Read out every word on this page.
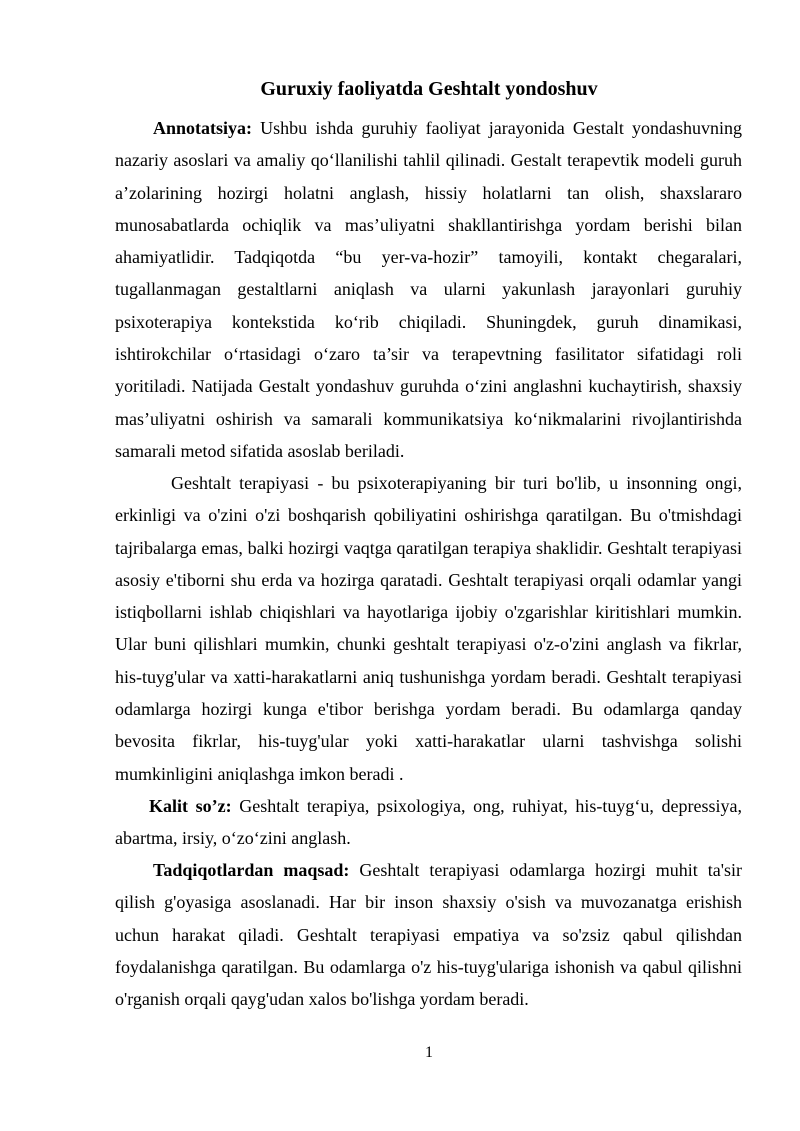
Guruxiy faoliyatda Geshtalt yondoshuv

Annotatsiya: Ushbu ishda guruhiy faoliyat jarayonida Gestalt yondashuvning nazariy asoslari va amaliy qo‘llanilishi tahlil qilinadi. Gestalt terapevtik modeli guruh a’zolarining hozirgi holatni anglash, hissiy holatlarni tan olish, shaxslararo munosabatlarda ochiqlik va mas’uliyatni shakllantirishga yordam berishi bilan ahamiyatlidir. Tadqiqotda “bu yer-va-hozir” tamoyili, kontakt chegaralari, tugallanmagan gestaltlarni aniqlash va ularni yakunlash jarayonlari guruhiy psixoterapiya kontekstida ko‘rib chiqiladi. Shuningdek, guruh dinamikasi, ishtirokchilar o‘rtasidagi o‘zaro ta’sir va terapevtning fasilitator sifatidagi roli yoritiladi. Natijada Gestalt yondashuv guruhda o‘zini anglashni kuchaytirish, shaxsiy mas’uliyatni oshirish va samarali kommunikatsiya ko‘nikmalarini rivojlantirishda samarali metod sifatida asoslab beriladi.

Geshtalt terapiyasi - bu psixoterapiyaning bir turi bo'lib, u insonning ongi, erkinligi va o'zini o'zi boshqarish qobiliyatini oshirishga qaratilgan. Bu o'tmishdagi tajribalarga emas, balki hozirgi vaqtga qaratilgan terapiya shaklidir. Geshtalt terapiyasi asosiy e'tiborni shu erda va hozirga qaratadi. Geshtalt terapiyasi orqali odamlar yangi istiqbollarni ishlab chiqishlari va hayotlariga ijobiy o'zgarishlar kiritishlari mumkin. Ular buni qilishlari mumkin, chunki geshtalt terapiyasi o'z-o'zini anglash va fikrlar, his-tuyg'ular va xatti-harakatlarni aniq tushunishga yordam beradi. Geshtalt terapiyasi odamlarga hozirgi kunga e'tibor berishga yordam beradi. Bu odamlarga qanday bevosita fikrlar, his-tuyg'ular yoki xatti-harakatlar ularni tashvishga solishi mumkinligini aniqlashga imkon beradi .

Kalit so’z: Geshtalt terapiya, psixologiya, ong, ruhiyat, his-tuyg‘u, depressiya, abartma, irsiy, o‘zo‘zini anglash.

Tadqiqotlardan maqsad: Geshtalt terapiyasi odamlarga hozirgi muhit ta'sir qilish g'oyasiga asoslanadi. Har bir inson shaxsiy o'sish va muvozanatga erishish uchun harakat qiladi. Geshtalt terapiyasi empatiya va so'zsiz qabul qilishdan foydalanishga qaratilgan. Bu odamlarga o'z his-tuyg'ulariga ishonish va qabul qilishni o'rganish orqali qayg'udan xalos bo'lishga yordam beradi.

1
